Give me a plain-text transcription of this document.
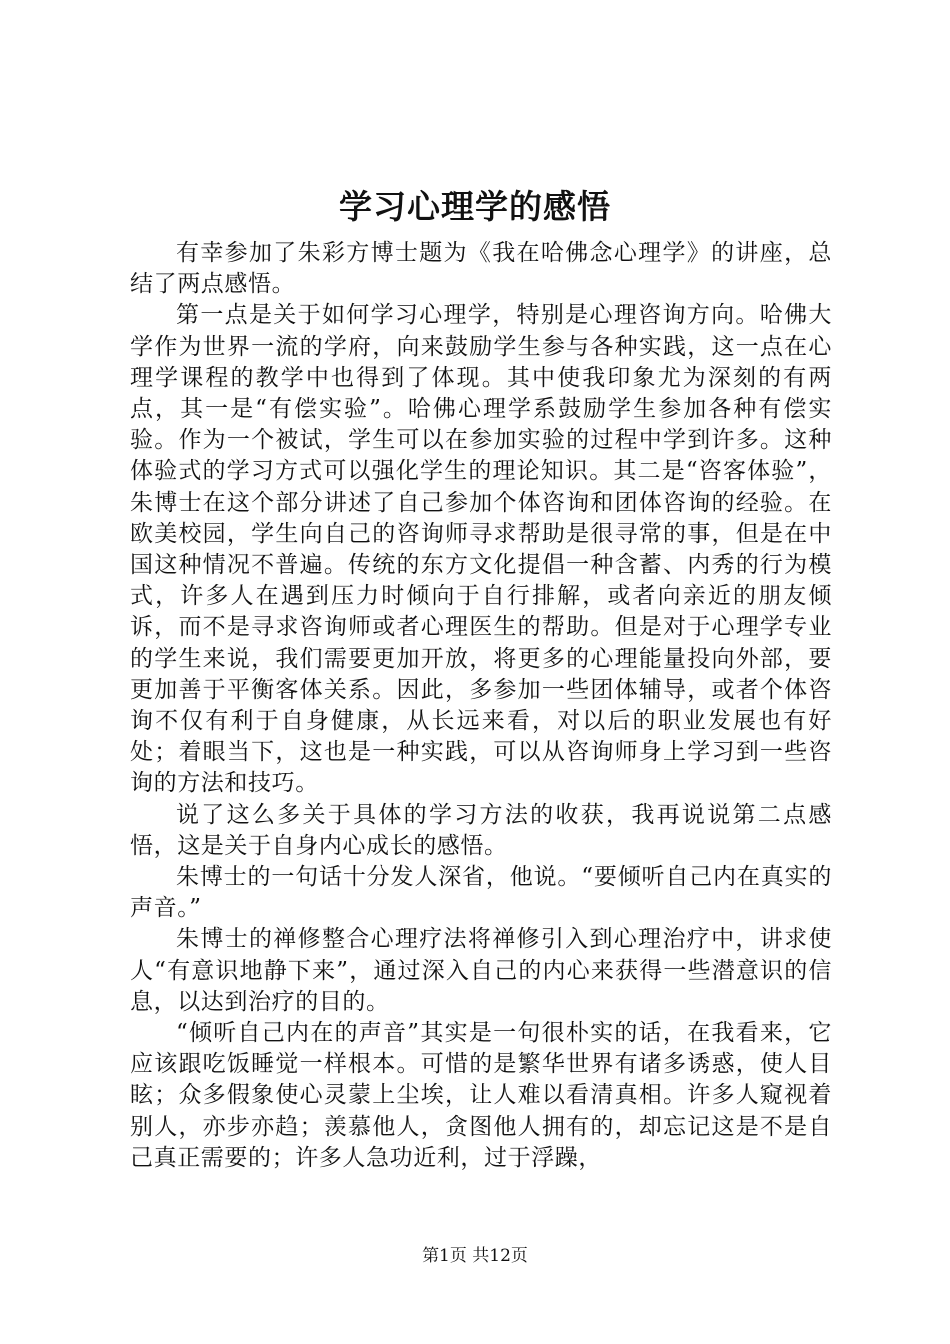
学习心理学的感悟

有幸参加了朱彩方博士题为《我在哈佛念心理学》的讲座，总结了两点感悟。

第一点是关于如何学习心理学，特别是心理咨询方向。哈佛大学作为世界一流的学府，向来鼓励学生参与各种实践，这一点在心理学课程的教学中也得到了体现。其中使我印象尤为深刻的有两点，其一是“有偿实验”。哈佛心理学系鼓励学生参加各种有偿实验。作为一个被试，学生可以在参加实验的过程中学到许多。这种体验式的学习方式可以强化学生的理论知识。其二是“咨客体验”，朱博士在这个部分讲述了自己参加个体咨询和团体咨询的经验。在欧美校园，学生向自己的咨询师寻求帮助是很寻常的事，但是在中国这种情况不普遍。传统的东方文化提倡一种含蓄、内秀的行为模式，许多人在遇到压力时倾向于自行排解，或者向亲近的朋友倾诉，而不是寻求咨询师或者心理医生的帮助。但是对于心理学专业的学生来说，我们需要更加开放，将更多的心理能量投向外部，要更加善于平衡客体关系。因此，多参加一些团体辅导，或者个体咨询不仅有利于自身健康，从长远来看，对以后的职业发展也有好处；着眼当下，这也是一种实践，可以从咨询师身上学习到一些咨询的方法和技巧。

说了这么多关于具体的学习方法的收获，我再说说第二点感悟，这是关于自身内心成长的感悟。

朱博士的一句话十分发人深省，他说。“要倾听自己内在真实的声音。”

朱博士的禅修整合心理疗法将禅修引入到心理治疗中，讲求使人“有意识地静下来”，通过深入自己的内心来获得一些潜意识的信息，以达到治疗的目的。

“倾听自己内在的声音”其实是一句很朴实的话，在我看来，它应该跟吃饭睡觉一样根本。可惜的是繁华世界有诸多诱惑，使人目眩；众多假象使心灵蒙上尘埃，让人难以看清真相。许多人窥视着别人，亦步亦趋；羡慕他人，贪图他人拥有的，却忘记这是不是自己真正需要的；许多人急功近利，过于浮躁，

第1页 共12页
